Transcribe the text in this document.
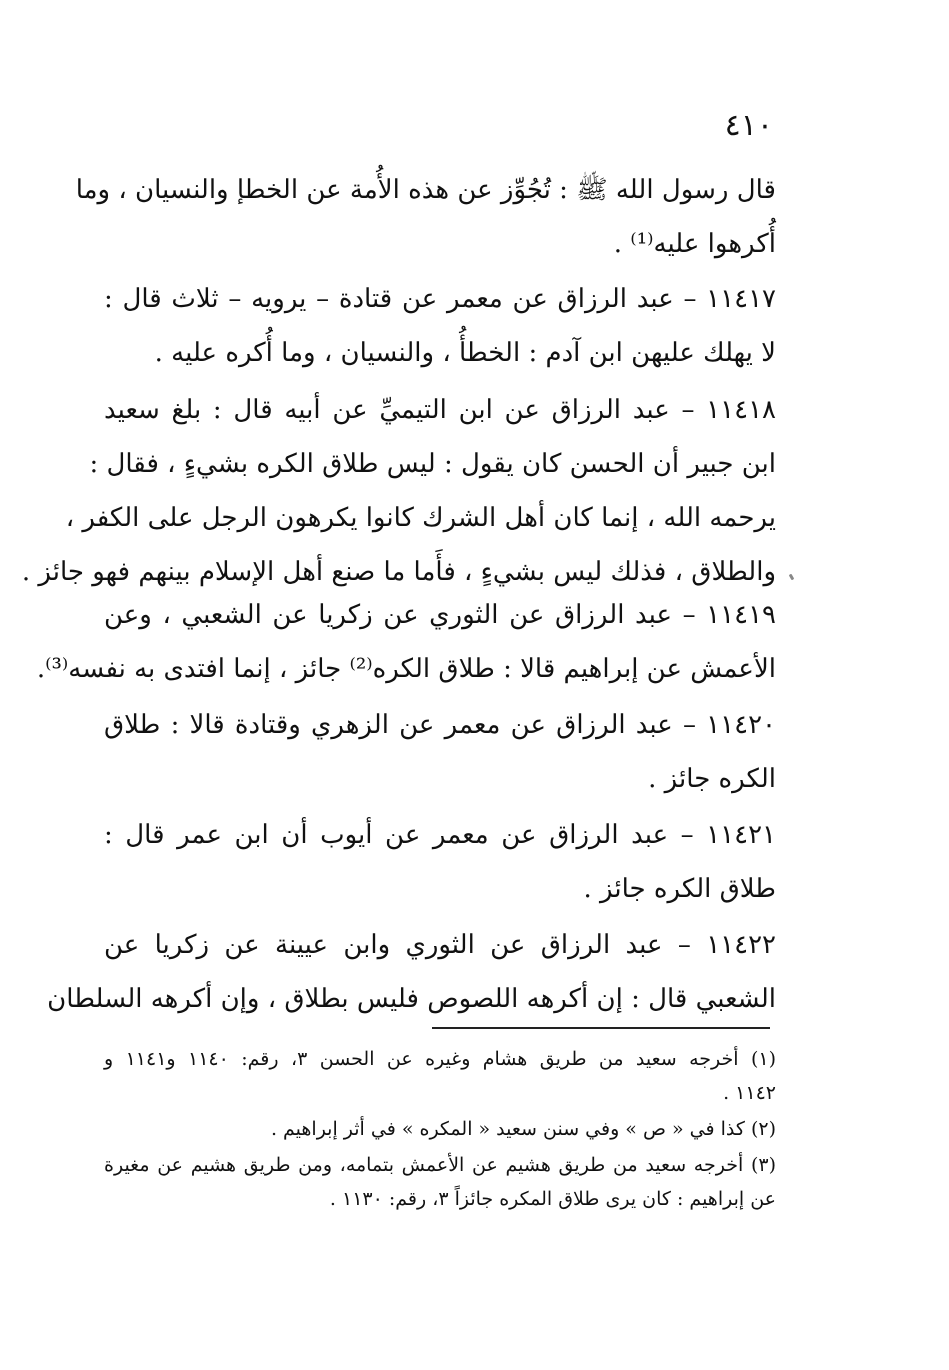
٤١٠
قال رسول الله ﷺ : تُجُوِّز عن هذه الأُمة عن الخطإ والنسيان ، وما
أُكرهوا عليه⁽¹⁾ .
١١٤١٧ – عبد الرزاق عن معمر عن قتادة – يرويه – ثلاث قال :
لا يهلك عليهن ابن آدم : الخطأُ ، والنسيان ، وما أُكره عليه .
١١٤١٨ – عبد الرزاق عن ابن التيميِّ عن أبيه قال : بلغ سعيد
ابن جبير أن الحسن كان يقول : ليس طلاق الكره بشيءٍ ، فقال :
يرحمه الله ، إنما كان أهل الشرك كانوا يكرهون الرجل على الكفر ،
والطلاق ، فذلك ليس بشيءٍ ، فأَما ما صنع أهل الإسلام بينهم فهو جائز .
١١٤١٩ – عبد الرزاق عن الثوري عن زكريا عن الشعبي ، وعن
الأعمش عن إبراهيم قالا : طلاق الكره⁽²⁾ جائز ، إنما افتدى به نفسه⁽³⁾.
١١٤٢٠ – عبد الرزاق عن معمر عن الزهري وقتادة قالا : طلاق
الكره جائز .
١١٤٢١ – عبد الرزاق عن معمر عن أيوب أن ابن عمر قال :
طلاق الكره جائز .
١١٤٢٢ – عبد الرزاق عن الثوري وابن عيينة عن زكريا عن
الشعبي قال : إن أكرهه اللصوص فليس بطلاق ، وإن أكرهه السلطان
(١) أخرجه سعيد من طريق هشام وغيره عن الحسن ٣، رقم: ١١٤٠ و١١٤١ و
١١٤٢ .
(٢) كذا في « ص » وفي سنن سعيد « المكره » في أثر إبراهيم .
(٣) أخرجه سعيد من طريق هشيم عن الأعمش بتمامه، ومن طريق هشيم عن مغيرة
عن إبراهيم : كان يرى طلاق المكره جائزاً ٣، رقم: ١١٣٠ .
